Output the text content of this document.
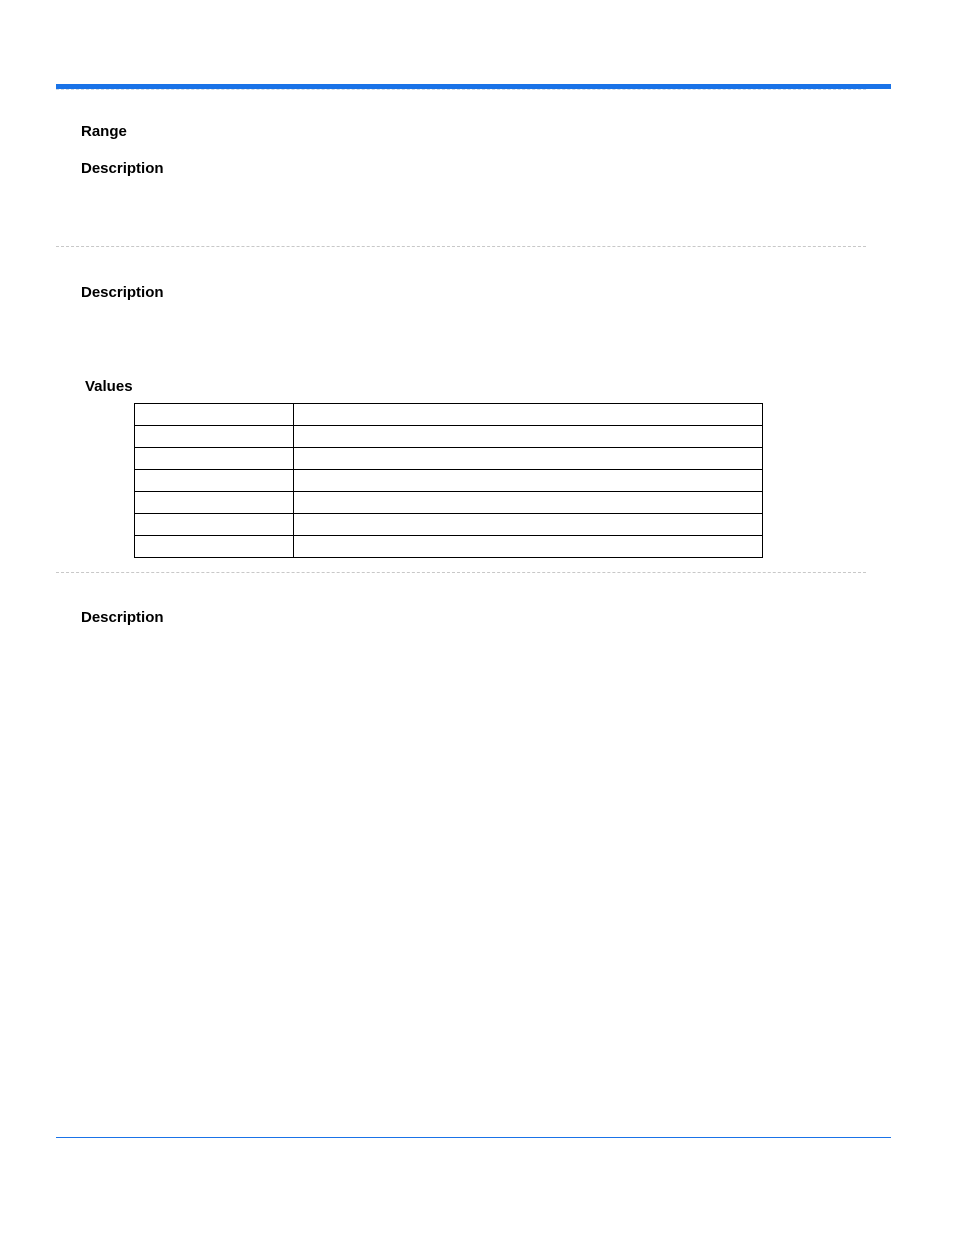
Range
Description
Description
Values

Description
